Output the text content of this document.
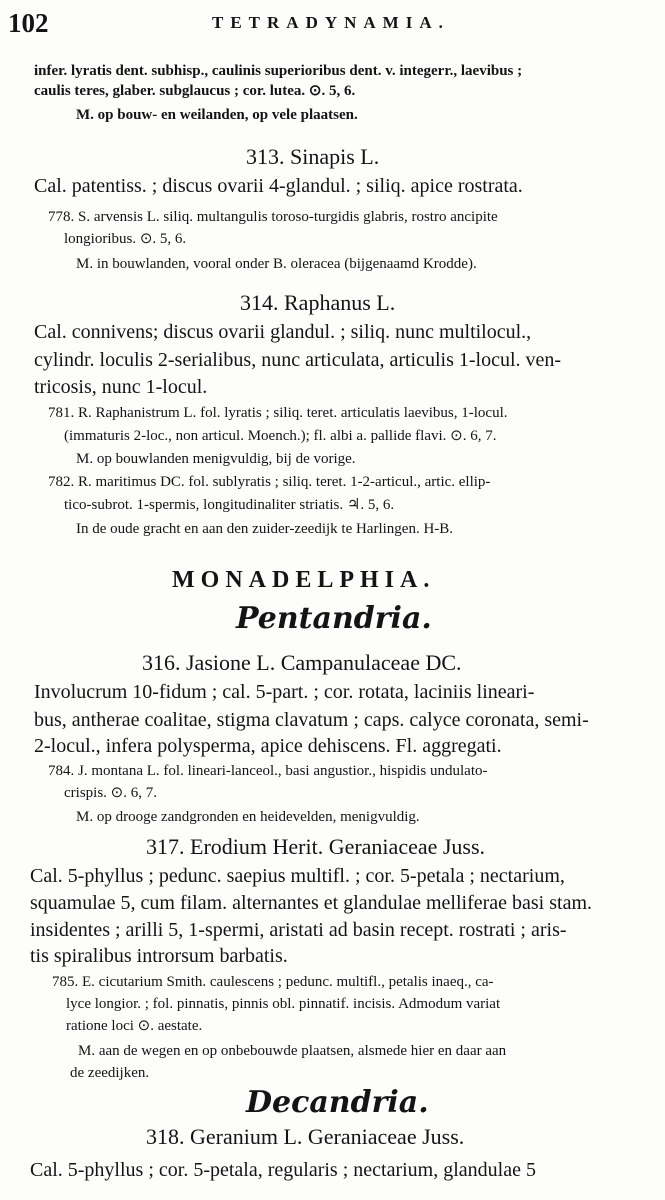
102	TETRADYNAMIA.
infer. lyratis dent. subhisp., caulinis superioribus dent. v. integerr., laevibus ;
caulis teres, glaber. subglaucus ; cor. lutea. ⊙. 5, 6.
M. op bouw- en weilanden, op vele plaatsen.
313. Sinapis L.
Cal. patentiss. ; discus ovarii 4-glandul. ; siliq. apice rostrata.
778. S. arvensis L. siliq. multangulis toroso-turgidis glabris, rostro ancipite
longioribus. ⊙. 5, 6.
M. in bouwlanden, vooral onder B. oleracea (bijgenaamd Krodde).
314. Raphanus L.
Cal. connivens; discus ovarii glandul. ; siliq. nunc multilocul.,
cylindr. loculis 2-serialibus, nunc articulata, articulis 1-locul. ven-
tricosis, nunc 1-locul.
781. R. Raphanistrum L. fol. lyratis ; siliq. teret. articulatis laevibus, 1-locul.
(immaturis 2-loc., non articul. Moench.); fl. albi a. pallide flavi. ⊙. 6, 7.
M. op bouwlanden menigvuldig, bij de vorige.
782. R. maritimus DC. fol. sublyratis ; siliq. teret. 1-2-articul., artic. ellip-
tico-subrot. 1-spermis, longitudinaliter striatis. ♃. 5, 6.
In de oude gracht en aan den zuider-zeedijk te Harlingen. H-B.
MONADELPHIA.
Pentandria.
316. Jasione L. Campanulaceae DC.
Involucrum 10-fidum ; cal. 5-part. ; cor. rotata, laciniis lineari-
bus, antherae coalitae, stigma clavatum ; caps. calyce coronata, semi-
2-locul., infera polysperma, apice dehiscens. Fl. aggregati.
784. J. montana L. fol. lineari-lanceol., basi angustior., hispidis undulato-
crispis. ⊙. 6, 7.
M. op drooge zandgronden en heidevelden, menigvuldig.
317. Erodium Herit. Geraniaceae Juss.
Cal. 5-phyllus ; pedunc. saepius multifl. ; cor. 5-petala ; nectarium,
squamulae 5, cum filam. alternantes et glandulae melliferae basi stam.
insidentes ; arilli 5, 1-spermi, aristati ad basin recept. rostrati ; aris-
tis spiralibus introrsum barbatis.
785. E. cicutarium Smith. caulescens ; pedunc. multifl., petalis inaeq., ca-
lyce longior. ; fol. pinnatis, pinnis obl. pinnatif. incisis. Admodum variat
ratione loci ⊙. aestate.
M. aan de wegen en op onbebouwde plaatsen, alsmede hier en daar aan
de zeedijken.
Decandria.
318. Geranium L. Geraniaceae Juss.
Cal. 5-phyllus ; cor. 5-petala, regularis ; nectarium, glandulae 5
